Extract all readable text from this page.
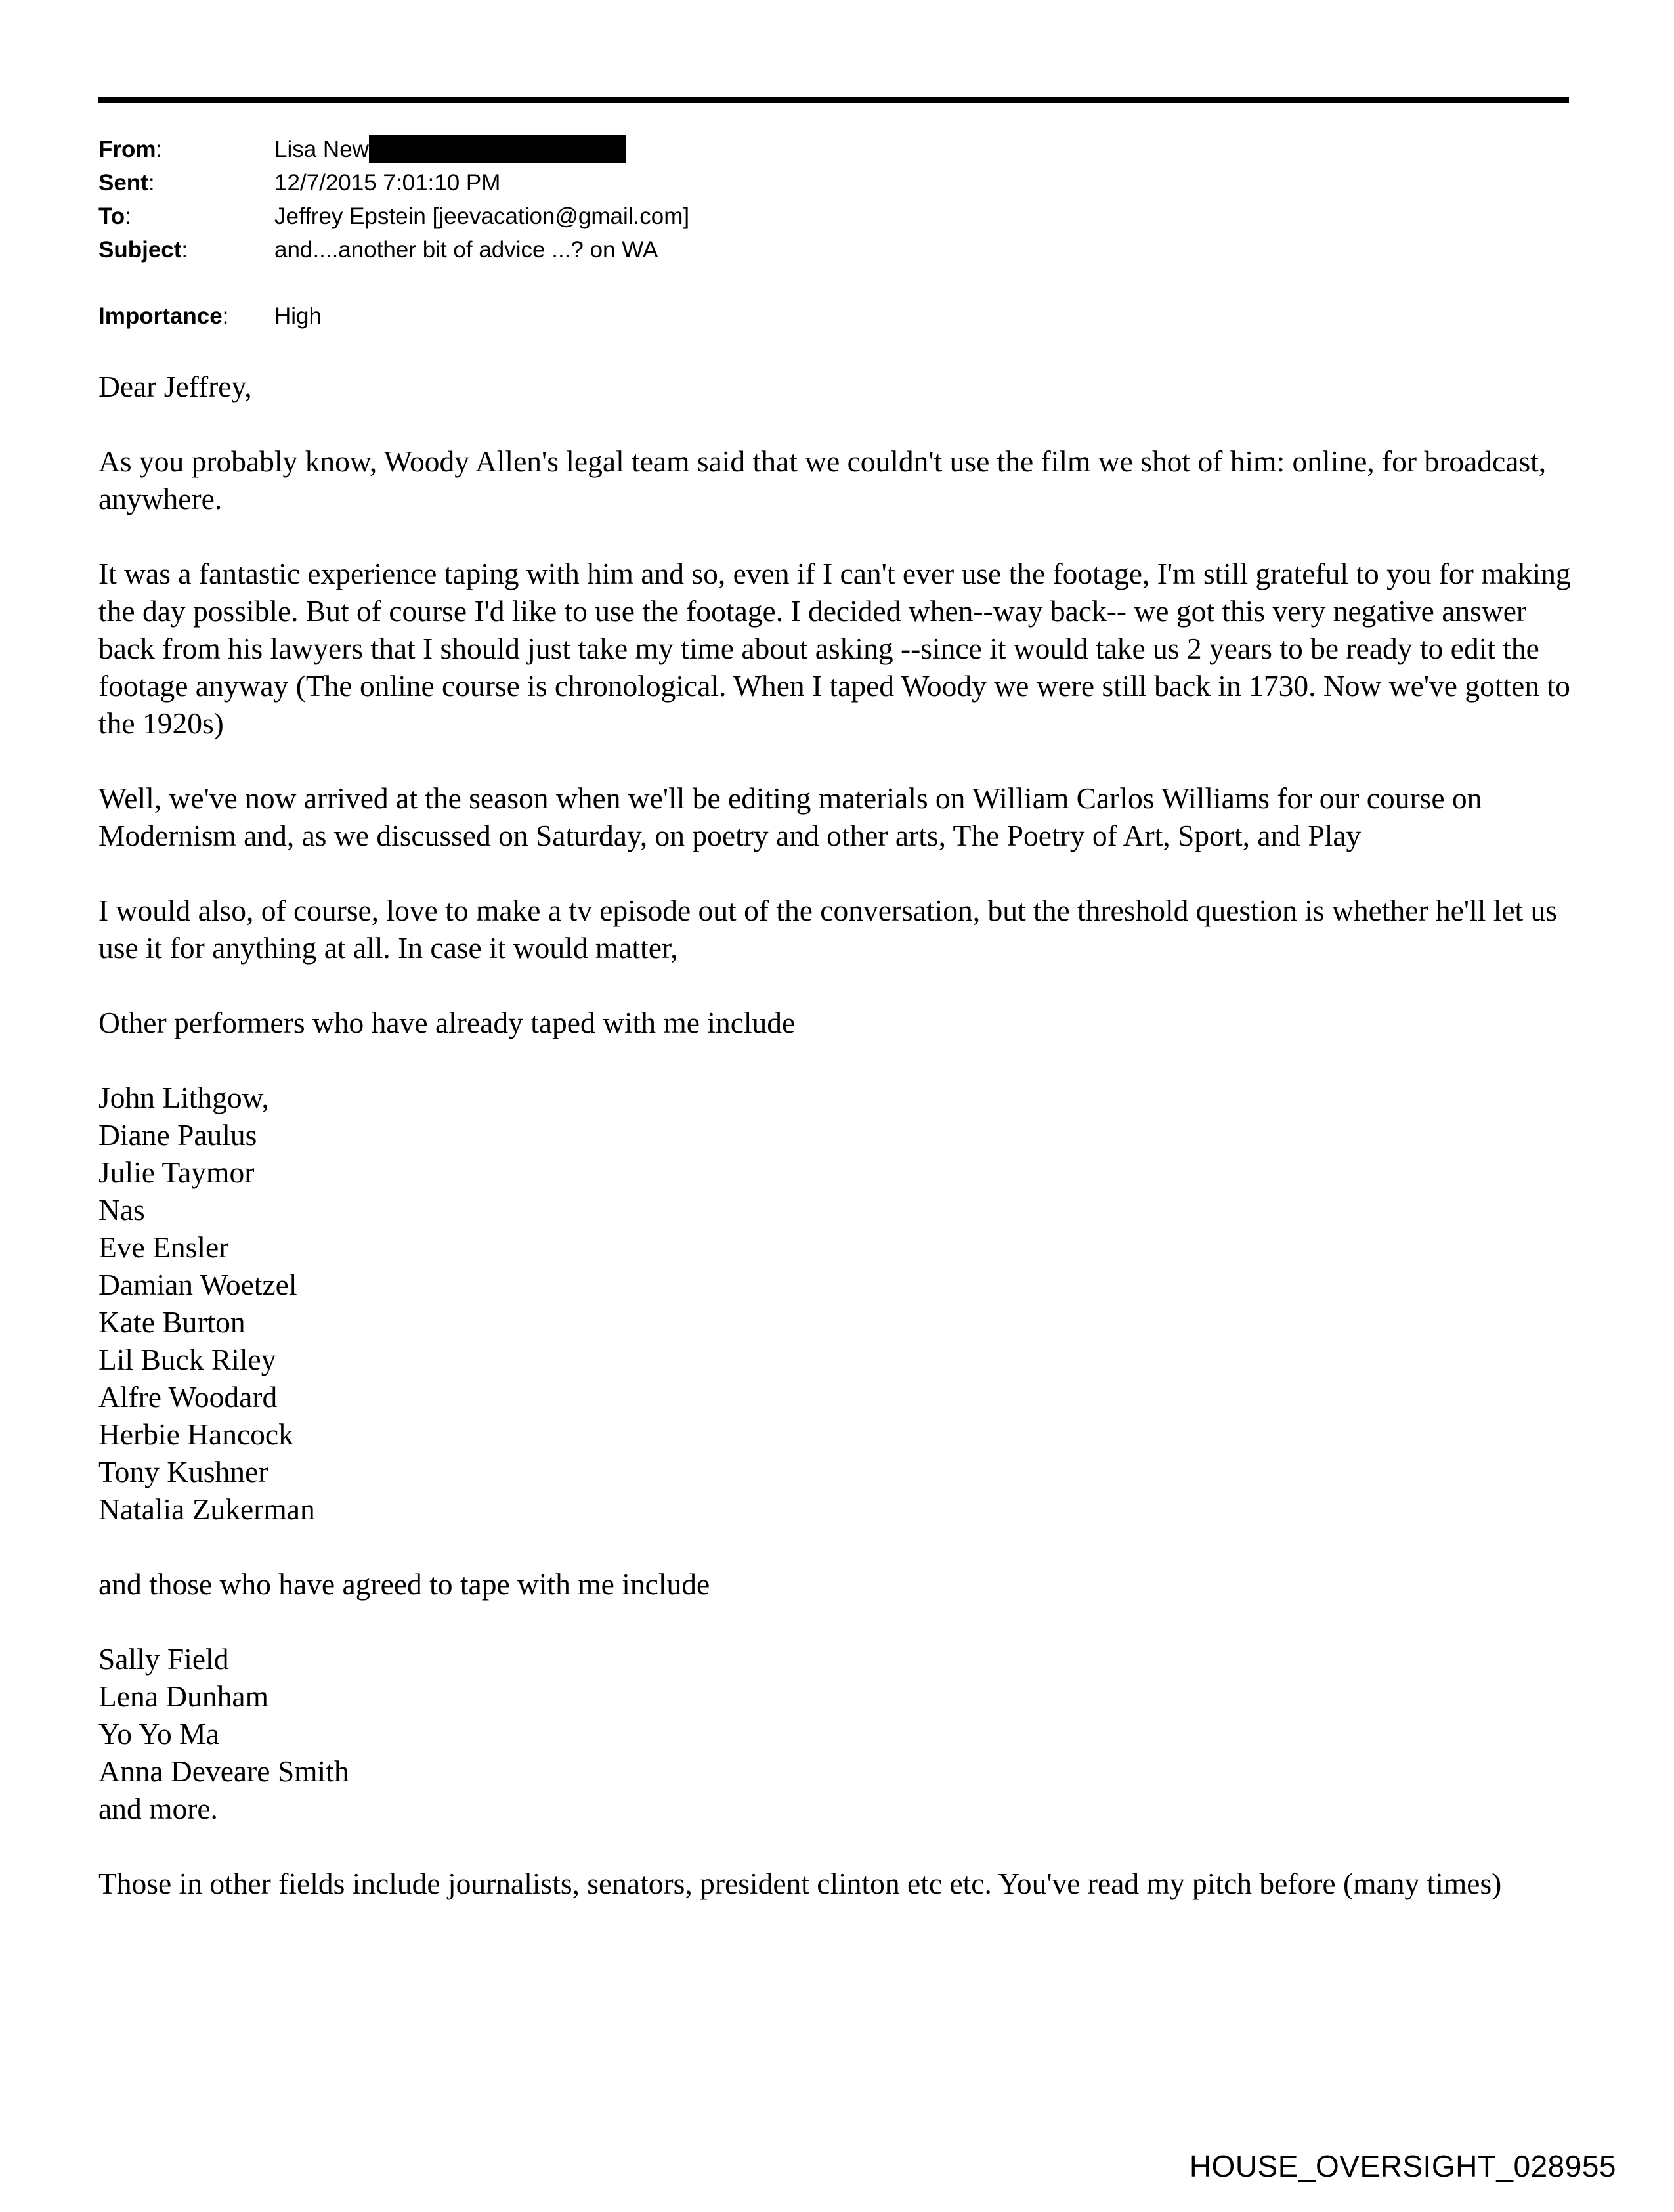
From:	Lisa New
Sent:	12/7/2015 7:01:10 PM
To:	Jeffrey Epstein [jeevacation@gmail.com]
Subject:	and....another bit of advice ...? on WA
Importance:	High

Dear Jeffrey,

As you probably know, Woody Allen's legal team said that we couldn't use the film we shot of him: online, for broadcast, anywhere.

It was a fantastic experience taping with him and so, even if I can't ever use the footage, I'm still grateful to you for making the day possible. But of course I'd like to use the footage. I decided when--way back-- we got this very negative answer back from his lawyers that I should just take my time about asking --since it would take us 2 years to be ready to edit the footage anyway (The online course is chronological. When I taped Woody we were still back in 1730. Now we've gotten to the 1920s)

Well, we've now arrived at the season when we'll be editing materials on William Carlos Williams for our course on Modernism and, as we discussed on Saturday, on poetry and other arts, The Poetry of Art, Sport, and Play

I would also, of course, love to make a tv episode out of the conversation, but the threshold question is whether he'll let us use it for anything at all. In case it would matter,

Other performers who have already taped with me include

John Lithgow,
Diane Paulus
Julie Taymor
Nas
Eve Ensler
Damian Woetzel
Kate Burton
Lil Buck Riley
Alfre Woodard
Herbie Hancock
Tony Kushner
Natalia Zukerman

and those who have agreed to tape with me include

Sally Field
Lena Dunham
Yo Yo Ma
Anna Deveare Smith
and more.

Those in other fields include journalists, senators, president clinton etc etc. You've read my pitch before (many times)

HOUSE_OVERSIGHT_028955
